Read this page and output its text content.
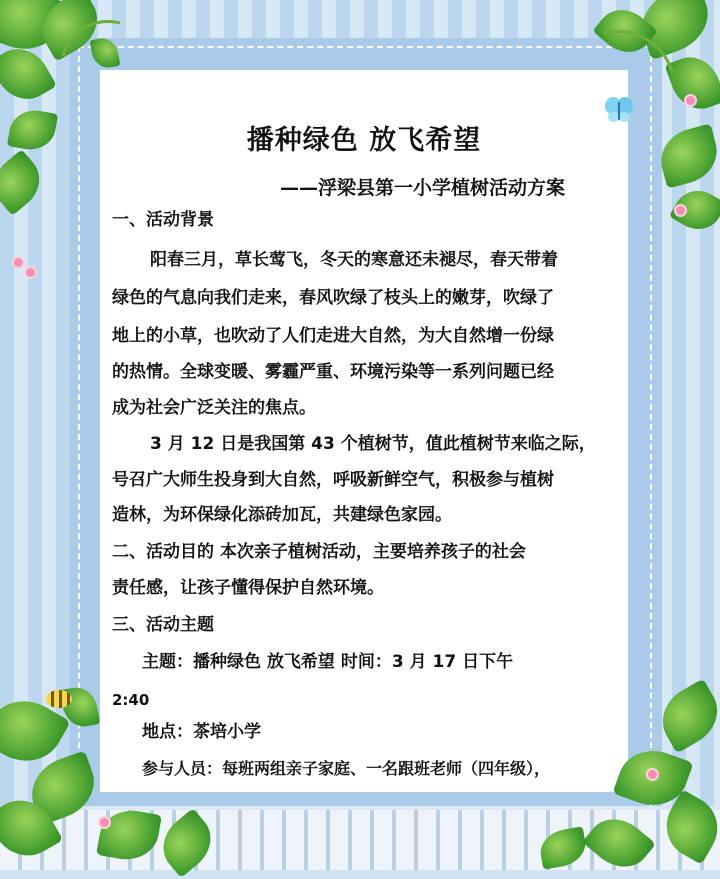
播种绿色 放飞希望
——浮梁县第一小学植树活动方案
一、活动背景
阳春三月，草长莺飞，冬天的寒意还未褪尽，春天带着
绿色的气息向我们走来，春风吹绿了枝头上的嫩芽，吹绿了
地上的小草，也吹动了人们走进大自然，为大自然增一份绿
的热情。全球变暖、雾霾严重、环境污染等一系列问题已经
成为社会广泛关注的焦点。
3 月 12 日是我国第 43 个植树节，值此植树节来临之际，
号召广大师生投身到大自然，呼吸新鲜空气，积极参与植树
造林，为环保绿化添砖加瓦，共建绿色家园。
二、活动目的 本次亲子植树活动，主要培养孩子的社会
责任感，让孩子懂得保护自然环境。
三、活动主题
主题：播种绿色 放飞希望 时间：3 月 17 日下午
2:40
地点：茶培小学
参与人员：每班两组亲子家庭、一名跟班老师（四年级），
